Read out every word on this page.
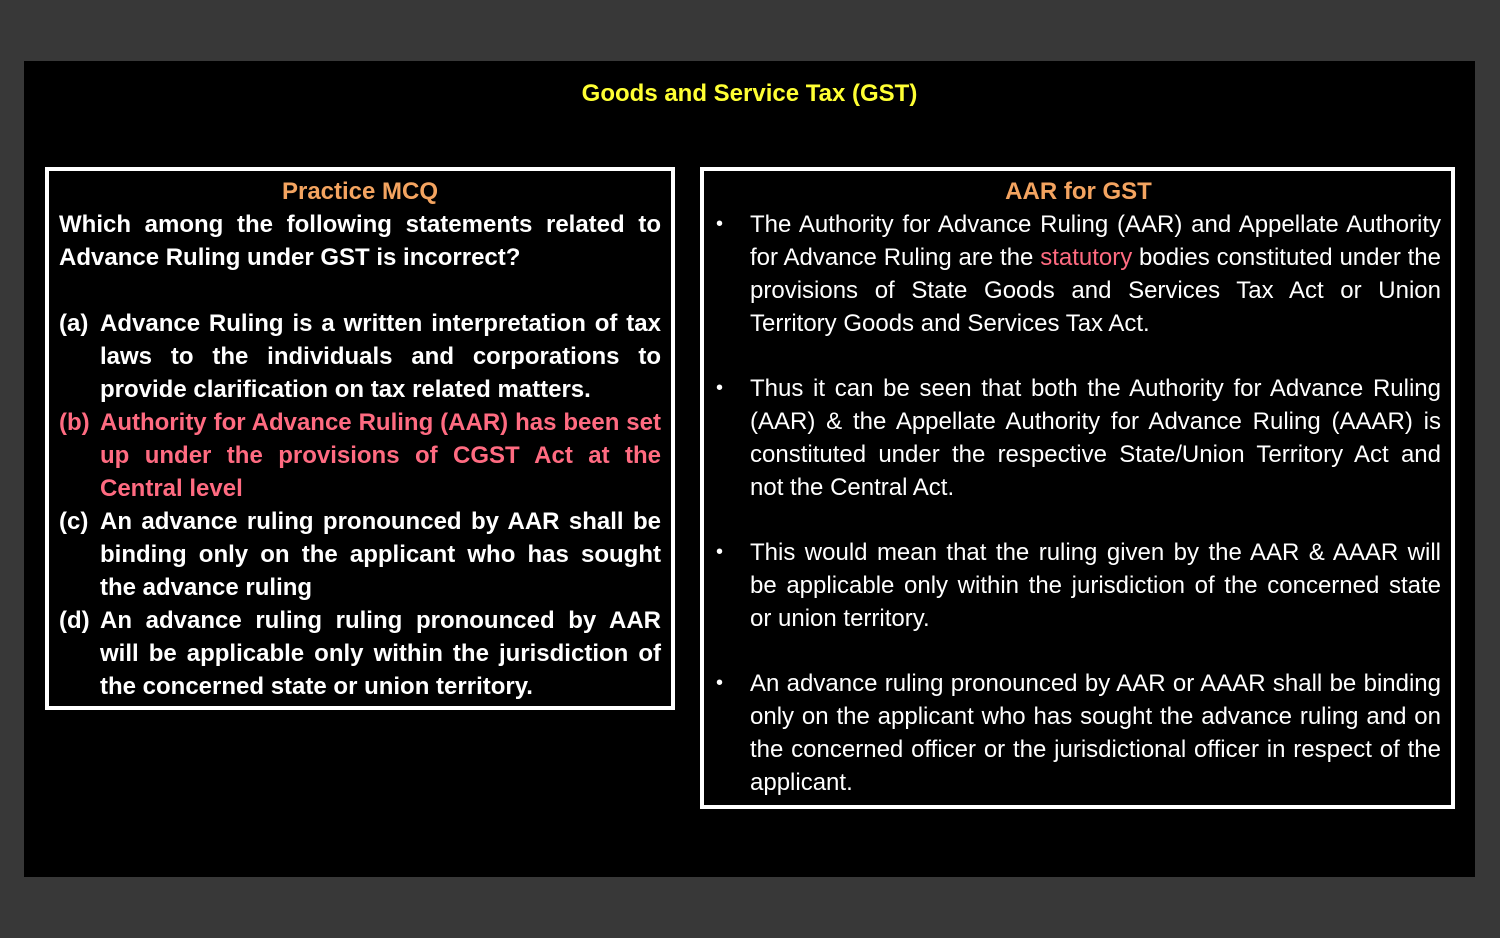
Goods and Service Tax (GST)
Practice MCQ
Which among the following statements related to Advance Ruling under GST is incorrect?
(a) Advance Ruling is a written interpretation of tax laws to the individuals and corporations to provide clarification on tax related matters.
(b) Authority for Advance Ruling (AAR) has been set up under the provisions of CGST Act at the Central level
(c) An advance ruling pronounced by AAR shall be binding only on the applicant who has sought the advance ruling
(d) An advance ruling ruling pronounced by AAR will be applicable only within the jurisdiction of the concerned state or union territory.
AAR for GST
•	The Authority for Advance Ruling (AAR) and Appellate Authority for Advance Ruling are the statutory bodies constituted under the provisions of State Goods and Services Tax Act or Union Territory Goods and Services Tax Act.
•	Thus it can be seen that both the Authority for Advance Ruling (AAR) & the Appellate Authority for Advance Ruling (AAAR) is constituted under the respective State/Union Territory Act and not the Central Act.
•	This would mean that the ruling given by the AAR & AAAR will be applicable only within the jurisdiction of the concerned state or union territory.
•	An advance ruling pronounced by AAR or AAAR shall be binding only on the applicant who has sought the advance ruling and on the concerned officer or the jurisdictional officer in respect of the applicant.
